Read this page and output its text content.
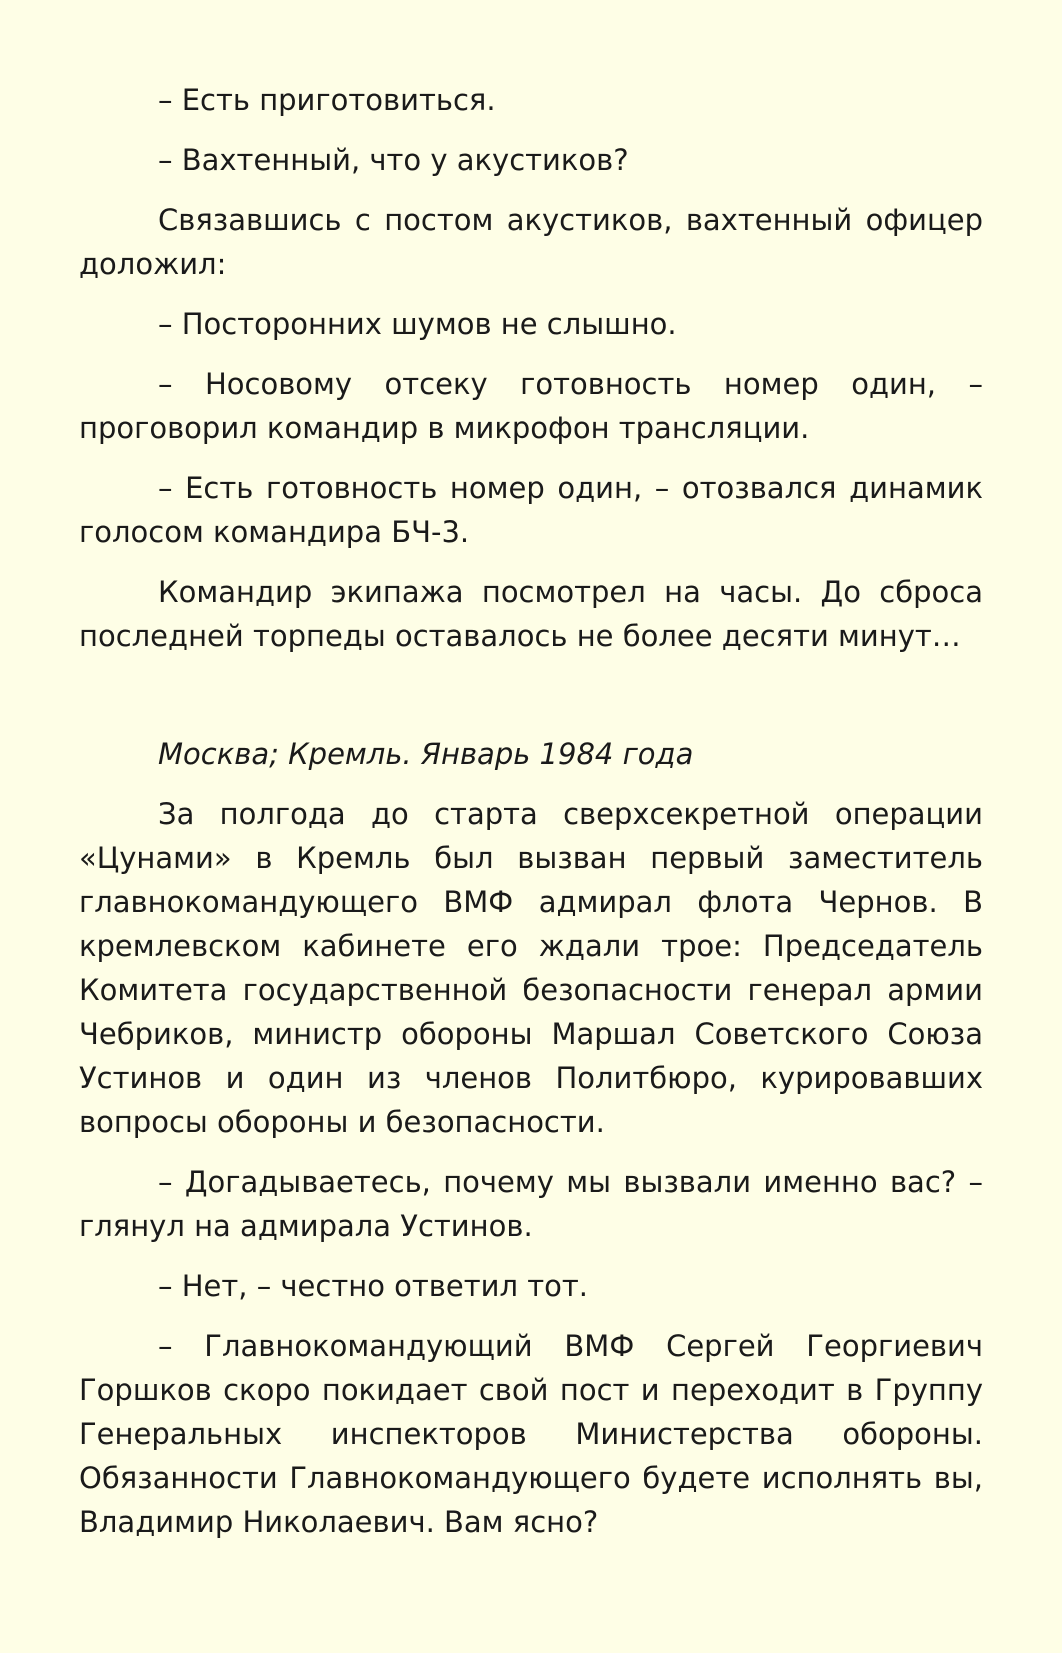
– Есть приготовиться.

– Вахтенный, что у акустиков?

Связавшись с постом акустиков, вахтенный офицер доложил:

– Посторонних шумов не слышно.

– Носовому отсеку готовность номер один, – проговорил командир в микрофон трансляции.

– Есть готовность номер один, – отозвался динамик голосом командира БЧ-3.

Командир экипажа посмотрел на часы. До сброса последней торпеды оставалось не более десяти минут…

Москва; Кремль. Январь 1984 года

За полгода до старта сверхсекретной операции «Цунами» в Кремль был вызван первый заместитель главнокомандующего ВМФ адмирал флота Чернов. В кремлевском кабинете его ждали трое: Председатель Комитета государственной безопасности генерал армии Чебриков, министр обороны Маршал Советского Союза Устинов и один из членов Политбюро, курировавших вопросы обороны и безопасности.

– Догадываетесь, почему мы вызвали именно вас? – глянул на адмирала Устинов.

– Нет, – честно ответил тот.

– Главнокомандующий ВМФ Сергей Георгиевич Горшков скоро покидает свой пост и переходит в Группу Генеральных инспекторов Министерства обороны. Обязанности Главнокомандующего будете исполнять вы, Владимир Николаевич. Вам ясно?
